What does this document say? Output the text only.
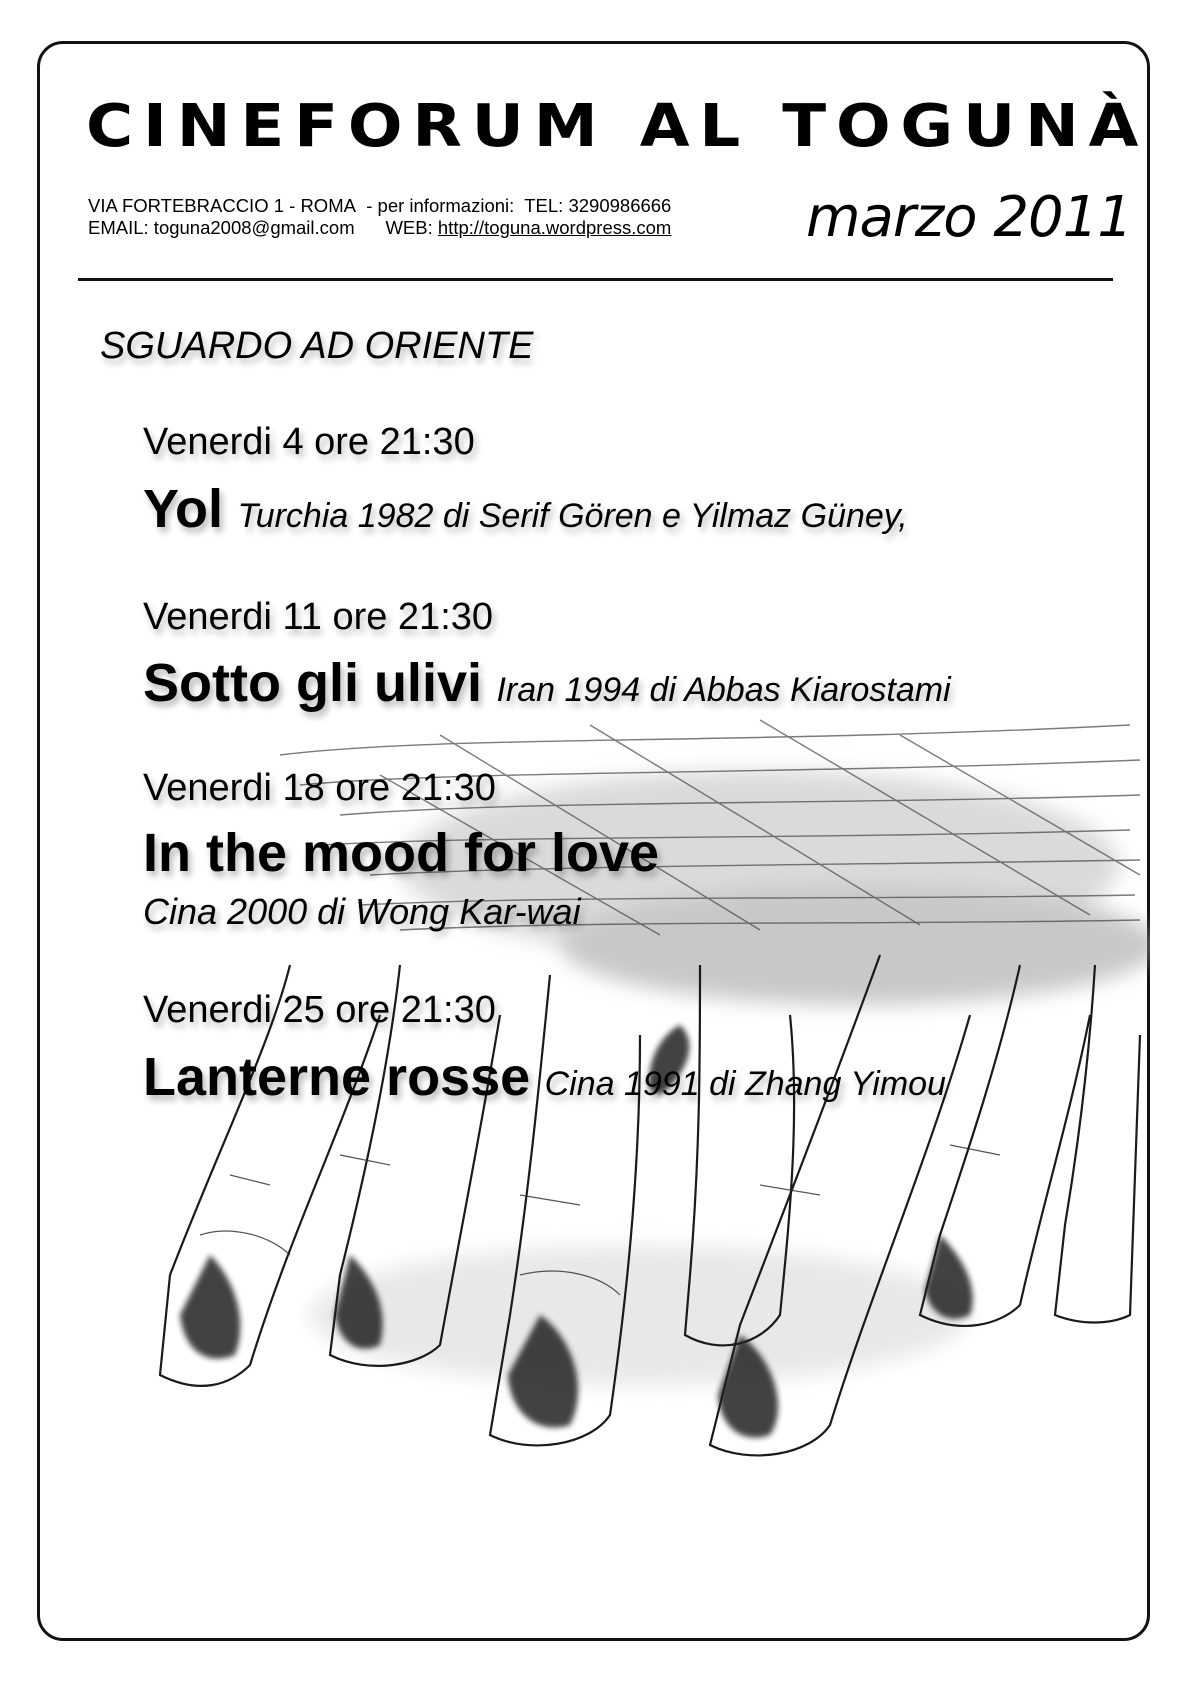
CINEFORUM AL TOGUNÀ
VIA FORTEBRACCIO 1 - ROMA - per informazioni: TEL: 3290986666
EMAIL: toguna2008@gmail.com WEB: http://toguna.wordpress.com marzo 2011
SGUARDO AD ORIENTE
Venerdi 4 ore 21:30
Yol Turchia 1982 di Serif Gören e Yilmaz Güney,
Venerdi 11 ore 21:30
Sotto gli ulivi Iran 1994 di Abbas Kiarostami
Venerdi 18 ore 21:30
In the mood for love
Cina 2000 di Wong Kar-wai
Venerdi 25 ore 21:30
Lanterne rosse Cina 1991 di Zhang Yimou
